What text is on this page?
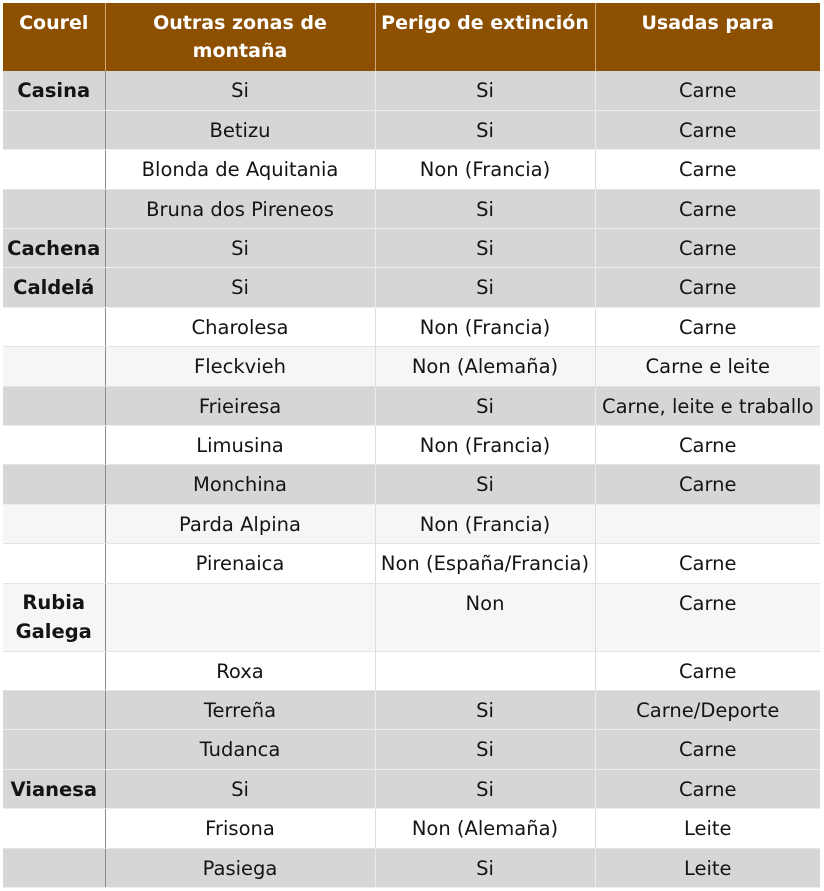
Courel	Outras zonas de montaña	Perigo de extinción	Usadas para
Casina	Si	Si	Carne
	Betizu	Si	Carne
	Blonda de Aquitania	Non (Francia)	Carne
	Bruna dos Pireneos	Si	Carne
Cachena	Si	Si	Carne
Caldelá	Si	Si	Carne
	Charolesa	Non (Francia)	Carne
	Fleckvieh	Non (Alemaña)	Carne e leite
	Frieiresa	Si	Carne, leite e traballo
	Limusina	Non (Francia)	Carne
	Monchina	Si	Carne
	Parda Alpina	Non (Francia)	
	Pirenaica	Non (España/Francia)	Carne
Rubia Galega		Non	Carne
	Roxa		Carne
	Terreña	Si	Carne/Deporte
	Tudanca	Si	Carne
Vianesa	Si	Si	Carne
	Frisona	Non (Alemaña)	Leite
	Pasiega	Si	Leite
